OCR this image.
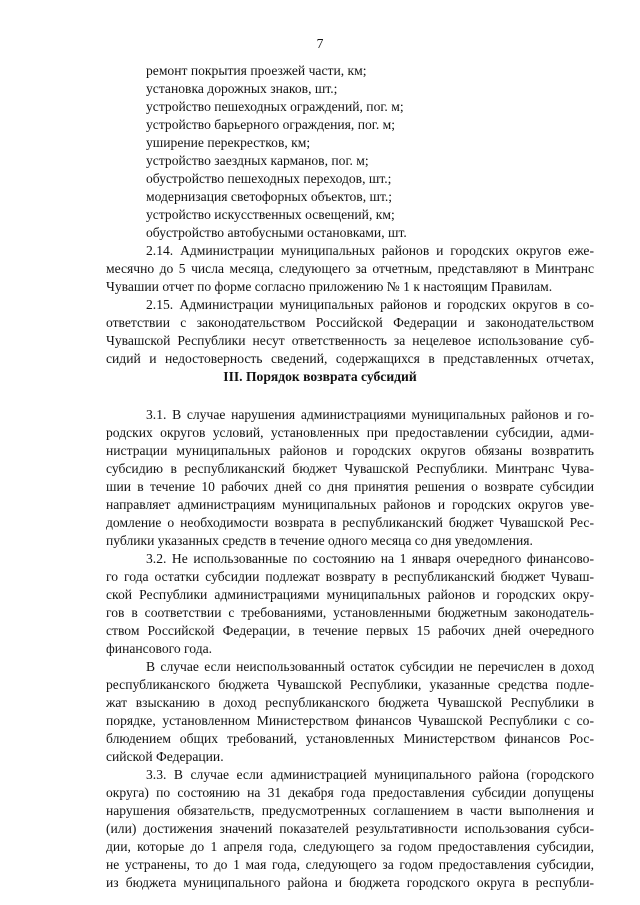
7
ремонт покрытия проезжей части, км;
установка дорожных знаков, шт.;
устройство пешеходных ограждений, пог. м;
устройство барьерного ограждения, пог. м;
уширение перекрестков, км;
устройство заездных карманов, пог. м;
обустройство пешеходных переходов, шт.;
модернизация светофорных объектов, шт.;
устройство искусственных освещений, км;
обустройство автобусными остановками, шт.
2.14. Администрации муниципальных районов и городских округов еже-
месячно до 5 числа месяца, следующего за отчетным, представляют в Минтранс
Чувашии отчет по форме согласно приложению № 1 к настоящим Правилам.
2.15. Администрации муниципальных районов и городских округов в со-
ответствии с законодательством Российской Федерации и законодательством
Чувашской Республики несут ответственность за нецелевое использование суб-
сидий и недостоверность сведений, содержащихся в представленных отчетах,
III. Порядок возврата субсидий
3.1. В случае нарушения администрациями муниципальных районов и го-
родских округов условий, установленных при предоставлении субсидии, адми-
нистрации муниципальных районов и городских округов обязаны возвратить
субсидию в республиканский бюджет Чувашской Республики. Минтранс Чува-
шии в течение 10 рабочих дней со дня принятия решения о возврате субсидии
направляет администрациям муниципальных районов и городских округов уве-
домление о необходимости возврата в республиканский бюджет Чувашской Рес-
публики указанных средств в течение одного месяца со дня уведомления.
3.2. Не использованные по состоянию на 1 января очередного финансово-
го года остатки субсидии подлежат возврату в республиканский бюджет Чуваш-
ской Республики администрациями муниципальных районов и городских окру-
гов в соответствии с требованиями, установленными бюджетным законодатель-
ством Российской Федерации, в течение первых 15 рабочих дней очередного
финансового года.
В случае если неиспользованный остаток субсидии не перечислен в доход
республиканского бюджета Чувашской Республики, указанные средства подле-
жат взысканию в доход республиканского бюджета Чувашской Республики в
порядке, установленном Министерством финансов Чувашской Республики с со-
блюдением общих требований, установленных Министерством финансов Рос-
сийской Федерации.
3.3. В случае если администрацией муниципального района (городского
округа) по состоянию на 31 декабря года предоставления субсидии допущены
нарушения обязательств, предусмотренных соглашением в части выполнения и
(или) достижения значений показателей результативности использования субси-
дии, которые до 1 апреля года, следующего за годом предоставления субсидии,
не устранены, то до 1 мая года, следующего за годом предоставления субсидии,
из бюджета муниципального района и бюджета городского округа в республи-
